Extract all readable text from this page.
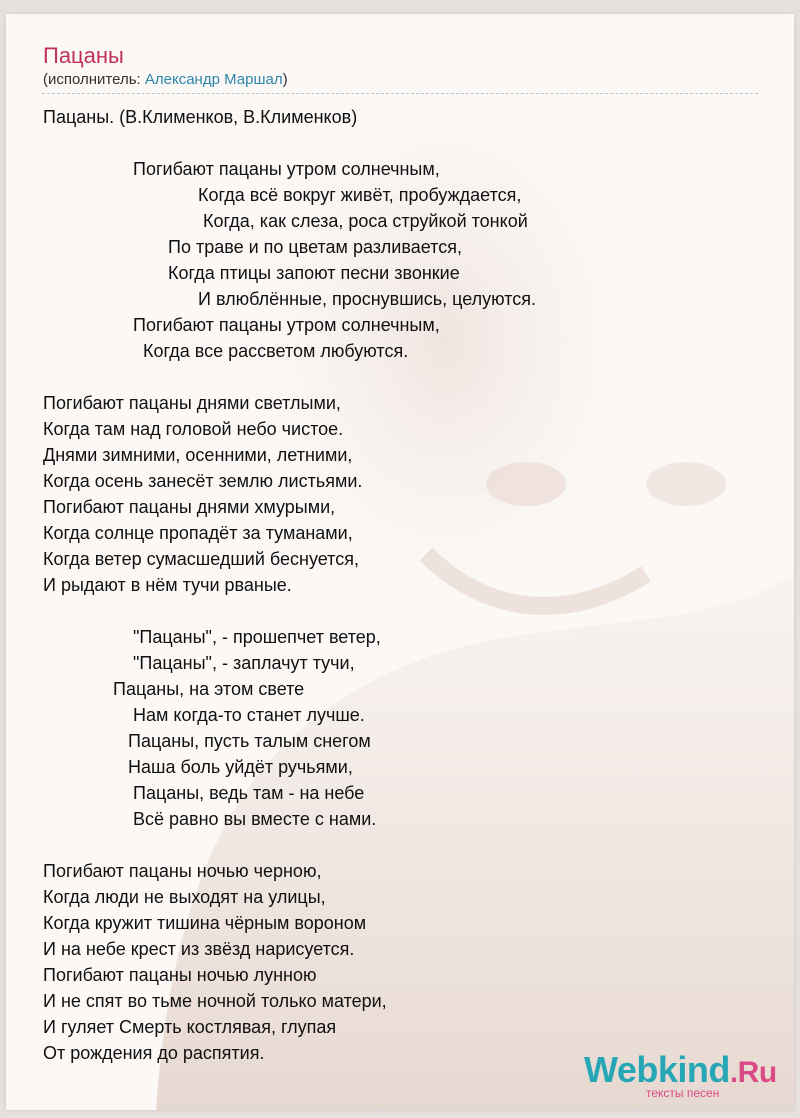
Пацаны
(исполнитель: Александр Маршал)
Пацаны. (В.Клименков, В.Клименков)
Погибают пацаны утром солнечным,
Когда всё вокруг живёт, пробуждается,
Когда, как слеза, роса струйкой тонкой
По траве и по цветам разливается,
Когда птицы запоют песни звонкие
И влюблённые, проснувшись, целуются.
Погибают пацаны утром солнечным,
Когда все рассветом любуются.
Погибают пацаны днями светлыми,
Когда там над головой небо чистое.
Днями зимними, осенними, летними,
Когда осень занесёт землю листьями.
Погибают пацаны днями хмурыми,
Когда солнце пропадёт за туманами,
Когда ветер сумасшедший беснуется,
И рыдают в нём тучи рваные.
"Пацаны", - прошепчет ветер,
"Пацаны", - заплачут тучи,
Пацаны, на этом свете
Нам когда-то станет лучше.
Пацаны, пусть талым снегом
Наша боль уйдёт ручьями,
Пацаны, ведь там - на небе
Всё равно вы вместе с нами.
Погибают пацаны ночью черною,
Когда люди не выходят на улицы,
Когда кружит тишина чёрным вороном
И на небе крест из звёзд нарисуется.
Погибают пацаны ночью лунною
И не спят во тьме ночной только матери,
И гуляет Смерть костлявая, глупая
От рождения до распятия.	Webkind.Ru
тексты песен
